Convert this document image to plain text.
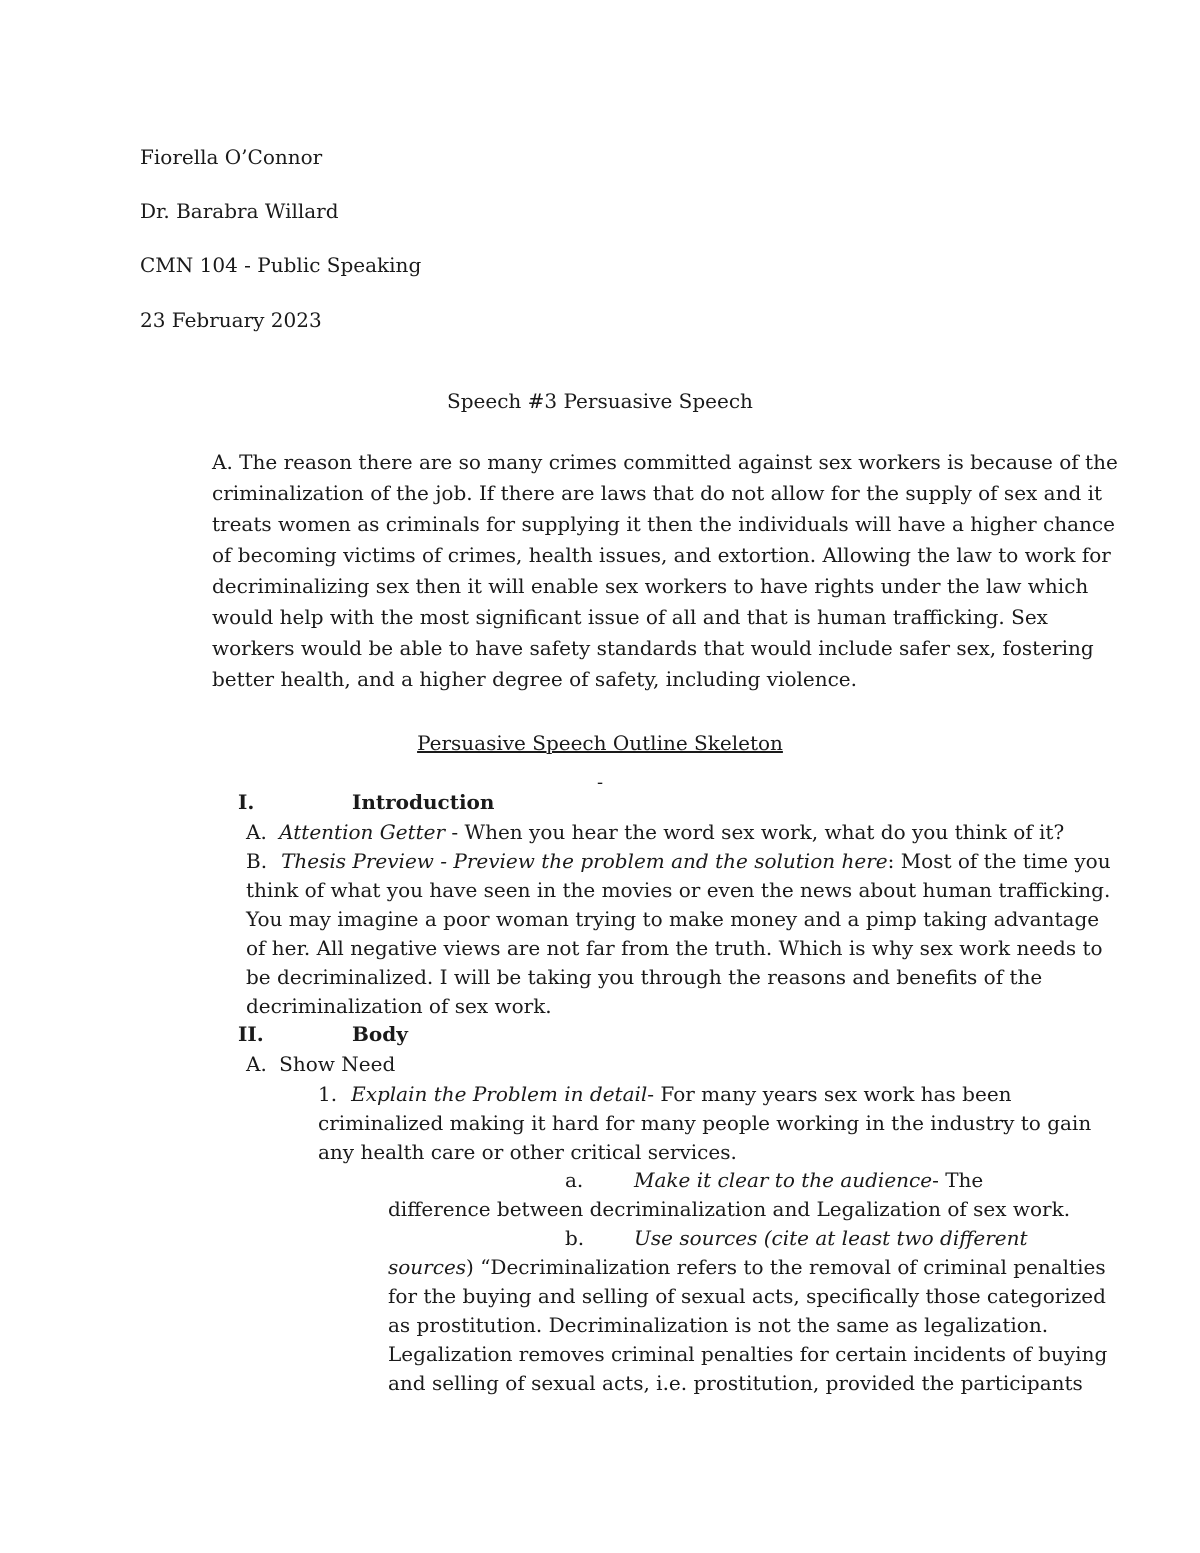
Fiorella O’Connor
Dr. Barabra Willard
CMN 104 - Public Speaking
23 February 2023
Speech #3 Persuasive Speech
A. The reason there are so many crimes committed against sex workers is because of the
criminalization of the job. If there are laws that do not allow for the supply of sex and it
treats women as criminals for supplying it then the individuals will have a higher chance
of becoming victims of crimes, health issues, and extortion. Allowing the law to work for
decriminalizing sex then it will enable sex workers to have rights under the law which
would help with the most significant issue of all and that is human trafficking. Sex
workers would be able to have safety standards that would include safer sex, fostering
better health, and a higher degree of safety, including violence.
Persuasive Speech Outline Skeleton
-
I.	Introduction
A. Attention Getter - When you hear the word sex work, what do you think of it?
B. Thesis Preview - Preview the problem and the solution here: Most of the time you
think of what you have seen in the movies or even the news about human trafficking.
You may imagine a poor woman trying to make money and a pimp taking advantage
of her. All negative views are not far from the truth. Which is why sex work needs to
be decriminalized. I will be taking you through the reasons and benefits of the
decriminalization of sex work.
II.	Body
A. Show Need
1. Explain the Problem in detail- For many years sex work has been
criminalized making it hard for many people working in the industry to gain
any health care or other critical services.
a.	Make it clear to the audience- The
difference between decriminalization and Legalization of sex work.
b. Use sources (cite at least two different
sources) “Decriminalization refers to the removal of criminal penalties
for the buying and selling of sexual acts, specifically those categorized
as prostitution. Decriminalization is not the same as legalization.
Legalization removes criminal penalties for certain incidents of buying
and selling of sexual acts, i.e. prostitution, provided the participants
